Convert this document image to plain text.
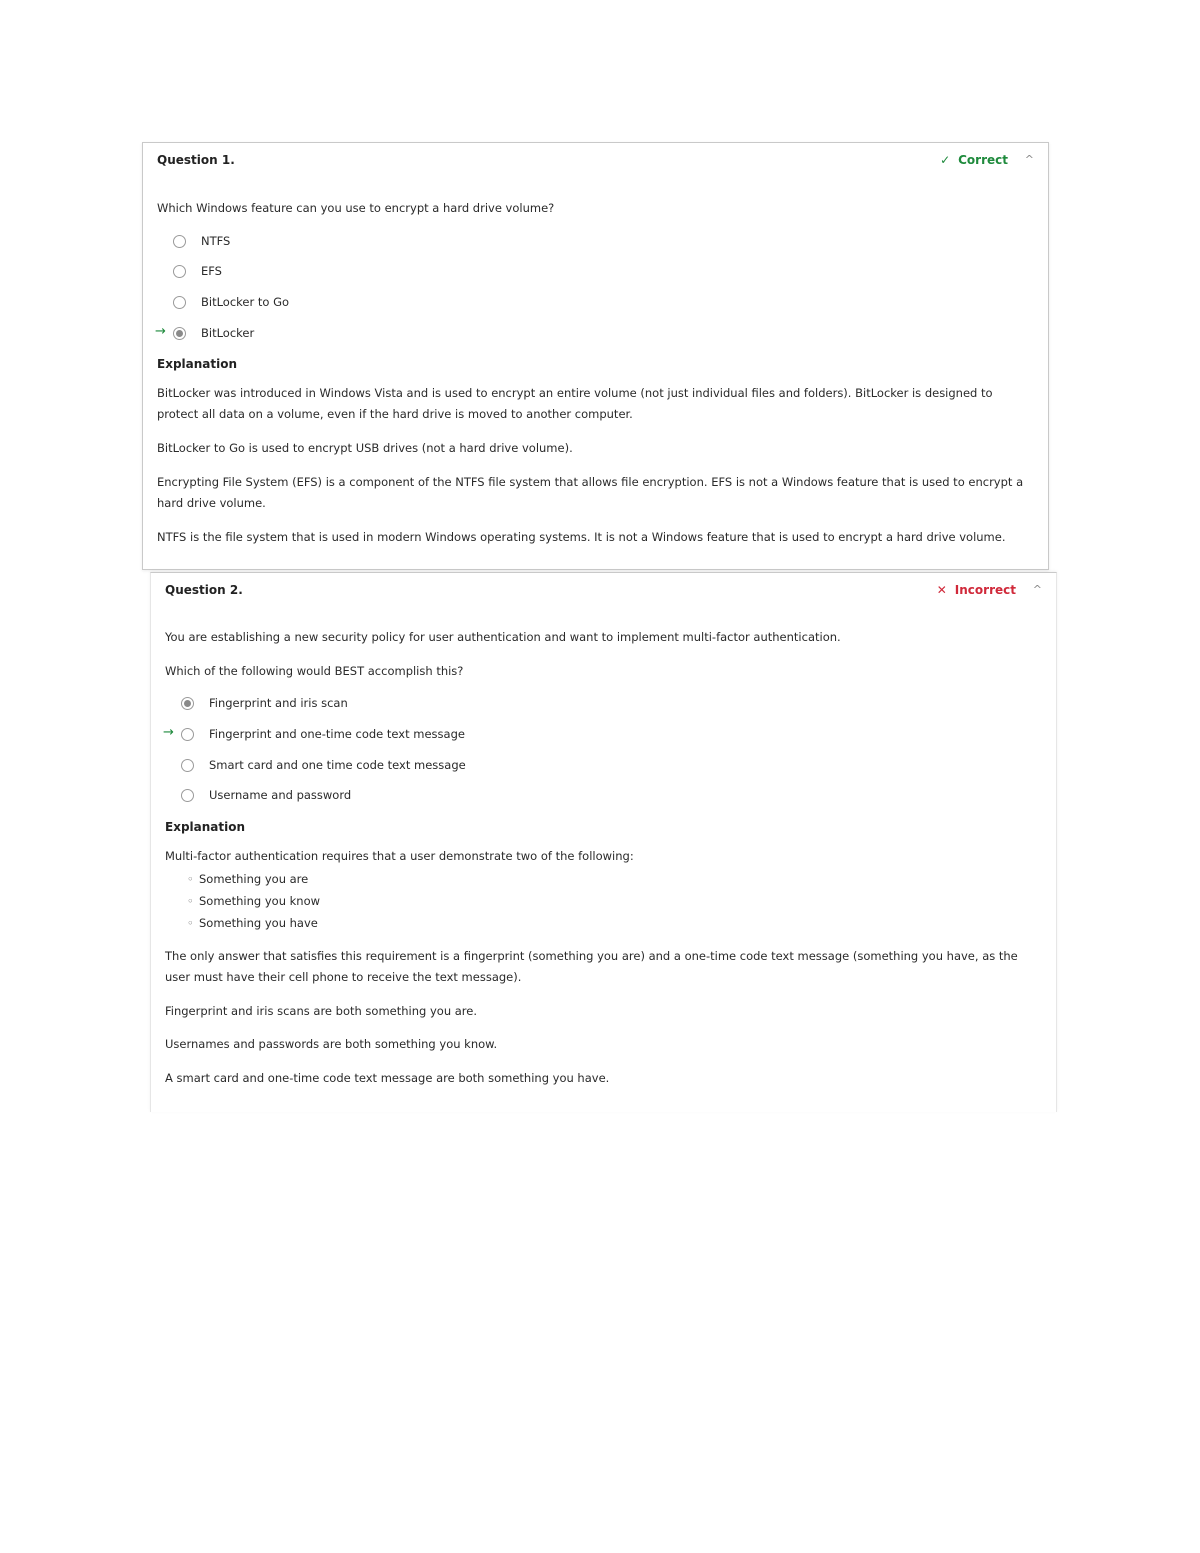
Question 1.	✓ Correct ^

Which Windows feature can you use to encrypt a hard drive volume?

NTFS
EFS
BitLocker to Go
→	BitLocker

Explanation

BitLocker was introduced in Windows Vista and is used to encrypt an entire volume (not just individual files and folders). BitLocker is designed to protect all data on a volume, even if the hard drive is moved to another computer.

BitLocker to Go is used to encrypt USB drives (not a hard drive volume).

Encrypting File System (EFS) is a component of the NTFS file system that allows file encryption. EFS is not a Windows feature that is used to encrypt a hard drive volume.

NTFS is the file system that is used in modern Windows operating systems. It is not a Windows feature that is used to encrypt a hard drive volume.

Question 2.	✕ Incorrect ^

You are establishing a new security policy for user authentication and want to implement multi-factor authentication.

Which of the following would BEST accomplish this?

Fingerprint and iris scan
→	Fingerprint and one-time code text message
Smart card and one time code text message
Username and password

Explanation

Multi-factor authentication requires that a user demonstrate two of the following:

◦ Something you are
◦ Something you know
◦ Something you have

The only answer that satisfies this requirement is a fingerprint (something you are) and a one-time code text message (something you have, as the user must have their cell phone to receive the text message).

Fingerprint and iris scans are both something you are.

Usernames and passwords are both something you know.

A smart card and one-time code text message are both something you have.
